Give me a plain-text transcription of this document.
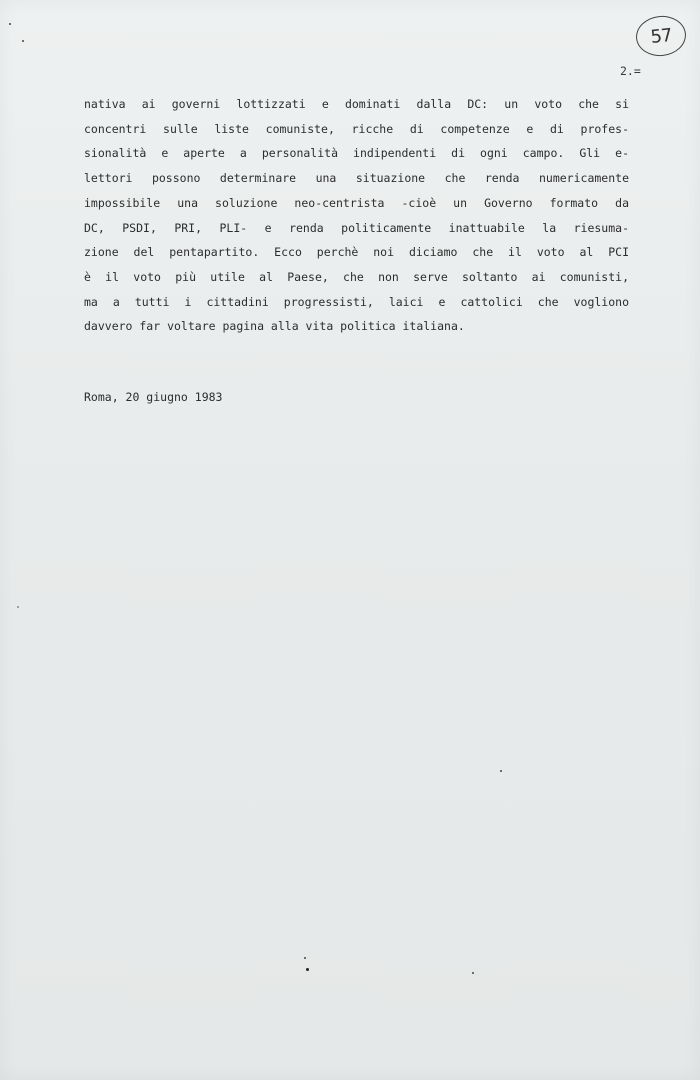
57
2.=
nativa ai governi lottizzati e dominati dalla DC: un voto che si
concentri sulle liste comuniste, ricche di competenze e di profes-
sionalità e aperte a personalità indipendenti di ogni campo. Gli e-
lettori possono determinare una situazione che renda numericamente
impossibile una soluzione neo-centrista -cioè un Governo formato da
DC, PSDI, PRI, PLI- e renda politicamente inattuabile la riesuma-
zione del pentapartito. Ecco perchè noi diciamo che il voto al PCI
è il voto più utile al Paese, che non serve soltanto ai comunisti,
ma a tutti i cittadini progressisti, laici e cattolici che vogliono
davvero far voltare pagina alla vita politica italiana.
Roma, 20 giugno 1983
